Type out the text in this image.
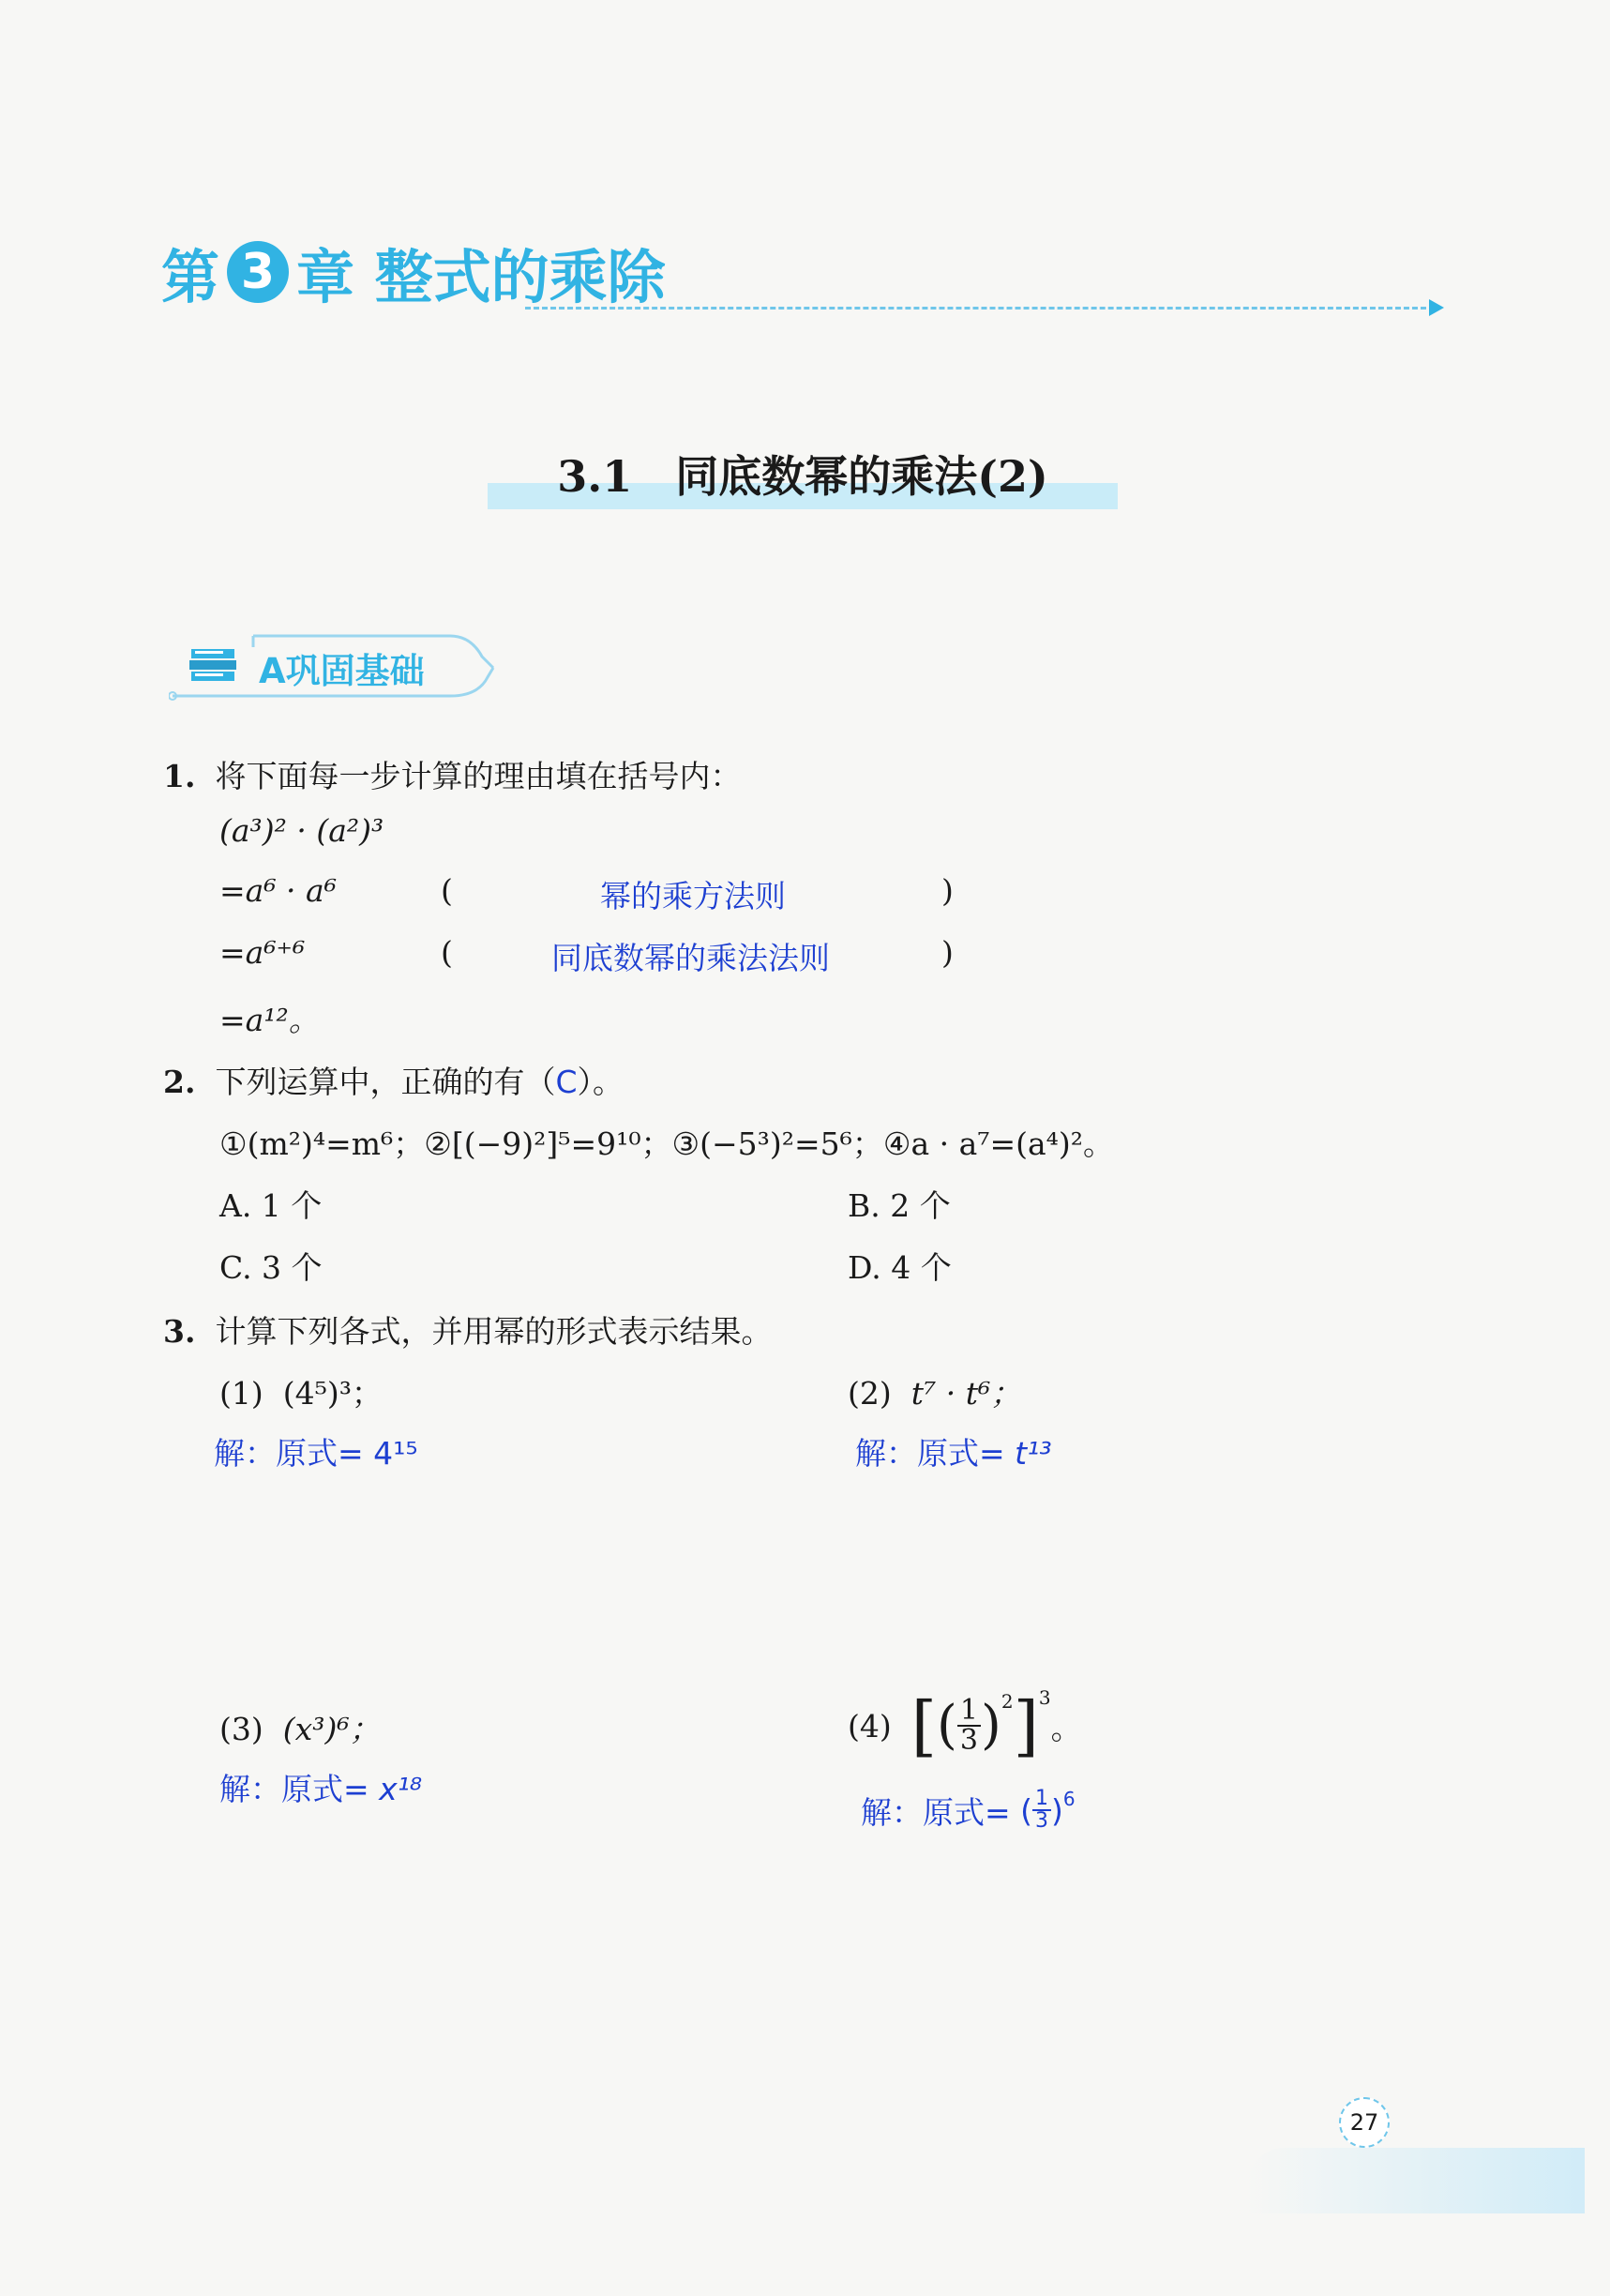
第 3 章 整式的乘除
3.1　同底数幂的乘法(2)
A巩固基础
1. 将下面每一步计算的理由填在括号内：
(a³)² · (a²)³
=a⁶ · a⁶	(	幂的乘方法则	)
=a⁶⁺⁶	(	同底数幂的乘法法则	)
=a¹²。
2. 下列运算中，正确的有（C）。
①(m²)⁴=m⁶；②[(−9)²]⁵=9¹⁰；③(−5³)²=5⁶；④a · a⁷=(a⁴)²。
A. 1 个	B. 2 个
C. 3 个	D. 4 个
3. 计算下列各式，并用幂的形式表示结果。
(1) (4⁵)³；
解：原式= 4¹⁵
(2) t⁷ · t⁶；
解：原式= t¹³
(3) (x³)⁶；
解：原式= x¹⁸
(4)
[ ( $\frac{1}{3}$ ) 2 ] 3
。
解：原式=
( $\frac{1}{3}$ ) 6
27
